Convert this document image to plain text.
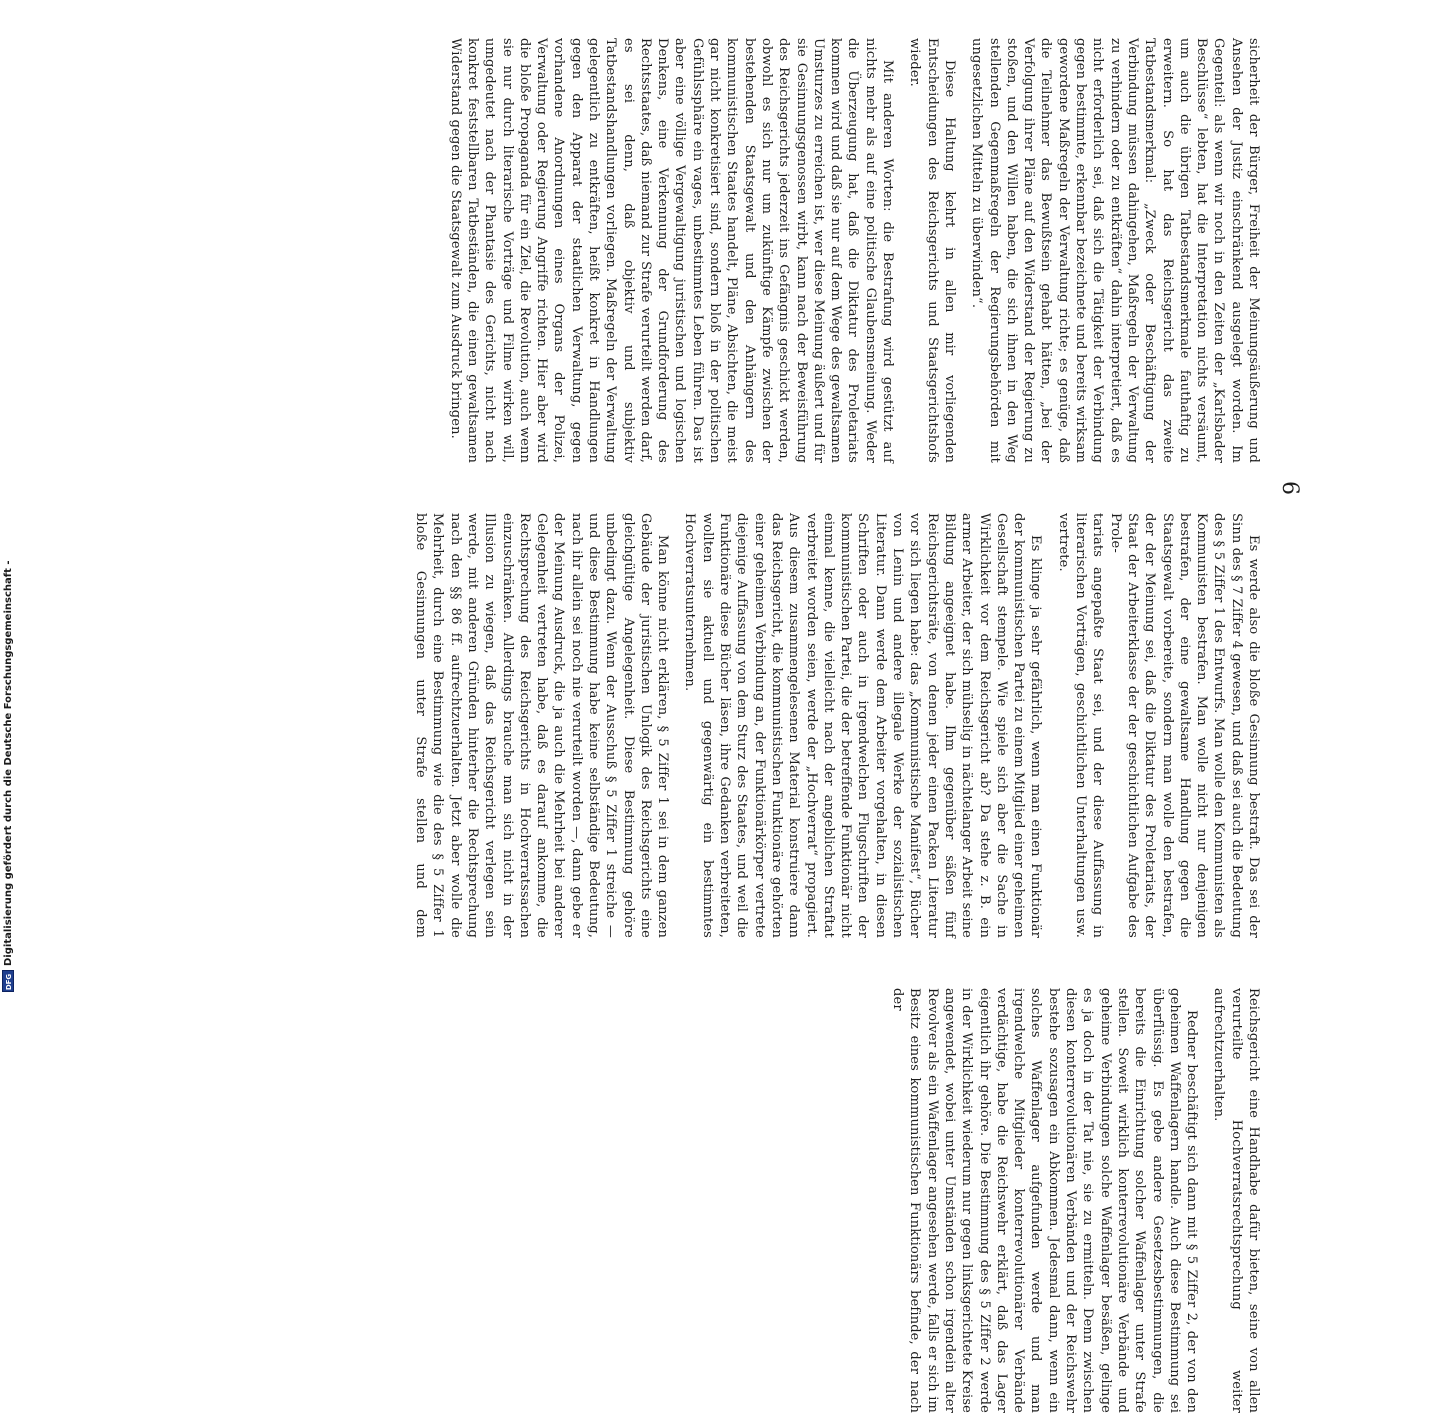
6

sicherheit der Bürger, Freiheit der Meinungsäußerung und Ansehen der Justiz einschränkend ausgelegt worden. Im Gegenteil: als wenn wir noch in den Zeiten der „Karlsbader Beschlüsse“ lebten, hat die Interpretation nichts versäumt, um auch die übrigen Tatbestandsmerkmale fauthaftig zu erweitern. So hat das Reichsgericht das zweite Tatbestandsmerkmal: „Zweck oder Beschäftigung der Verbindung müssen dahingehen, Maßregeln der Verwaltung zu verhindern oder zu entkräften“ dahin interpretiert, daß es nicht erforderlich sei, daß sich die Tätigkeit der Verbindung gegen bestimmte, erkennbar bezeichnete und bereits wirksam gewordene Maßregeln der Verwaltung richte; es genüge, daß die Teilnehmer das Bewußtsein gehabt hätten, „bei der Verfolgung ihrer Pläne auf den Widerstand der Regierung zu stoßen, und den Willen haben, die sich ihnen in den Weg stellenden Gegenmaßregeln der Regierungsbehörden mit ungesetzlichen Mitteln zu überwinden“.

Diese Haltung kehrt in allen mir vorliegenden Entscheidungen des Reichsgerichts und Staatsgerichtshofs wieder.

Mit anderen Worten: die Bestrafung wird gestützt auf nichts mehr als auf eine politische Glaubensmeinung. Weder die Überzeugung hat, daß die Diktatur des Proletariats kommen wird und daß sie nur auf dem Wege des gewaltsamen Umsturzes zu erreichen ist, wer diese Meinung äußert und für sie Gesinnungsgenossen wirbt, kann nach der Beweisführung des Reichsgerichts jederzeit ins Gefängnis geschickt werden, obwohl es sich nur um zukünftige Kämpfe zwischen der bestehenden Staatsgewalt und den Anhängern des kommunistischen Staates handelt, Pläne, Absichten, die meist gar nicht konkretisiert sind, sondern bloß in der politischen Gefühlssphäre ein vages, unbestimmtes Leben führen. Das ist aber eine völlige Vergewaltigung juristischen und logischen Denkens, eine Verkennung der Grundforderung des Rechtsstaates, daß niemand zur Strafe verurteilt werden darf, es sei denn, daß objektiv und subjektiv Tatbestandshandlungen vorliegen. Maßregeln der Verwaltung gelegentlich zu entkräften, heißt konkret in Handlungen gegen den Apparat der staatlichen Verwaltung, gegen vorhandene Anordnungen eines Organs der Polizei, Verwaltung oder Regierung Angriffe richten. Hier aber wird die bloße Propaganda für ein Ziel, die Revolution, auch wenn sie nur durch literarische Vorträge und Filme wirken will, umgedeutet nach der Phantasie des Gerichts, nicht nach konkret feststellbaren Tatbeständen, die einen gewaltsamen Widerstand gegen die Staatsgewalt zum Ausdruck bringen.

Es werde also die bloße Gesinnung bestraft. Das sei der Sinn des § 7 Ziffer 4 gewesen, und daß sei auch die Bedeutung des § 5 Ziffer 1 des Entwurfs. Man wolle den Kommunisten als Kommunisten bestrafen. Man wolle nicht nur denjenigen bestrafen, der eine gewaltsame Handlung gegen die Staatsgewalt vorbereite, sondern man wolle den bestrafen, der der Meinung sei, daß die Diktatur des Proletariats, der Staat der Arbeiterklasse der der geschichtlichen Aufgabe des Prole-

tariats angepaßte Staat sei, und der diese Auffassung in literarischen Vorträgen, geschichtlichen Unterhaltungen usw. vertrete.

Es klinge ja sehr gefährlich, wenn man einen Funktionär der kommunistischen Partei zu einem Mitglied einer geheimen Gesellschaft stempele. Wie spiele sich aber die Sache in Wirklichkeit vor dem Reichsgericht ab? Da stehe z. B. ein armer Arbeiter, der sich mühselig in nächtelanger Arbeit seine Bildung angeeignet habe. Ihm gegenüber säßen fünf Reichsgerichtsräte, von denen jeder einen Packen Literatur vor sich liegen habe: das „Kommunistische Manifest“, Bücher von Lenin und andere illegale Werke der sozialistischen Literatur. Dann werde dem Arbeiter vorgehalten, in diesen Schriften oder auch in irgendwelchen Flugschriften der kommunistischen Partei, die der betreffende Funktionär nicht einmal kenne, die vielleicht nach der angeblichen Straftat verbreitet worden seien, werde der „Hochverrat“ propagiert. Aus diesem zusammengelesenen Material konstruiere dann das Reichsgericht, die kommunistischen Funktionäre gehörten einer geheimen Verbindung an, der Funktionärkörper vertrete diejenige Auffassung von dem Sturz des Staates, und weil die Funktionäre diese Bücher läsen, ihre Gedanken verbreiteten, wollten sie aktuell und gegenwärtig ein bestimmtes Hochverratsunternehmen.

Man könne nicht erklären, § 5 Ziffer 1 sei in dem ganzen Gebäude der juristischen Unlogik des Reichsgerichts eine gleichgültige Angelegenheit. Diese Bestimmung gehöre unbedingt dazu. Wenn der Ausschuß § 5 Ziffer 1 streiche — und diese Bestimmung habe keine selbständige Bedeutung, nach ihr allein sei noch nie verurteilt worden —, dann gebe er der Meinung Ausdruck, die ja auch die Mehrheit bei anderer Gelegenheit vertreten habe, daß es darauf ankomme, die Rechtsprechung des Reichsgerichts in Hochverratssachen einzuschränken. Allerdings brauche man sich nicht in der Illusion zu wiegen, daß das Reichsgericht verlegen sein werde, mit anderen Gründen hinterher die Rechtsprechung nach den §§ 86 ff. aufrechtzuerhalten. Jetzt aber wolle die Mehrheit, durch eine Bestimmung wie die des § 5 Ziffer 1 bloße Gesinnungen unter Strafe stellen und dem Reichsgericht eine Handhabe dafür bieten, seine von allen verurteilte Hochverratsrechtsprechung weiter aufrechtzuerhalten.

Redner beschäftigt sich dann mit § 5 Ziffer 2, der von den geheimen Waffenlagern handle. Auch diese Bestimmung sei überflüssig. Es gebe andere Gesetzesbestimmungen, die bereits die Einrichtung solcher Waffenlager unter Strafe stellen. Soweit wirklich konterrevolutionäre Verbände und geheime Verbindungen solche Waffenlager besäßen, gelinge es ja doch in der Tat nie, sie zu ermitteln. Denn zwischen diesen konterrevolutionären Verbänden und der Reichswehr bestehe sozusagen ein Abkommen. Jedesmal dann, wenn ein solches Waffenlager aufgefunden werde und man irgendwelche Mitglieder konterrevolutionärer Verbände verdächtige, habe die Reichswehr erklärt, daß das Lager eigentlich ihr gehöre. Die Bestimmung des § 5 Ziffer 2 werde in der Wirklichkeit wiederum nur gegen linksgerichtete Kreise angewendet, wobei unter Umständen schon irgendein alter Revolver als ein Waffenlager angesehen werde, falls er sich im Besitz eines kommunistischen Funktionärs befinde, der nach der

Digitalisierung gefördert durch die Deutsche Forschungsgemeinschaft -
DFG
